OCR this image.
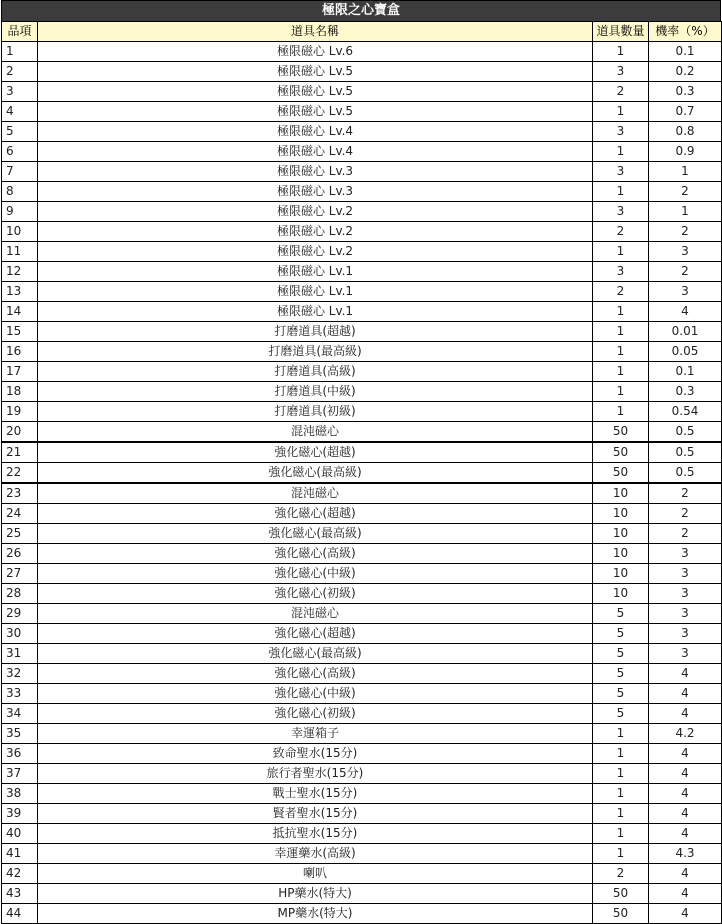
極限之心寶盒
品項	道具名稱	道具數量	機率（%）
1	極限磁心 Lv.6	1	0.1
2	極限磁心 Lv.5	3	0.2
3	極限磁心 Lv.5	2	0.3
4	極限磁心 Lv.5	1	0.7
5	極限磁心 Lv.4	3	0.8
6	極限磁心 Lv.4	1	0.9
7	極限磁心 Lv.3	3	1
8	極限磁心 Lv.3	1	2
9	極限磁心 Lv.2	3	1
10	極限磁心 Lv.2	2	2
11	極限磁心 Lv.2	1	3
12	極限磁心 Lv.1	3	2
13	極限磁心 Lv.1	2	3
14	極限磁心 Lv.1	1	4
15	打磨道具(超越)	1	0.01
16	打磨道具(最高級)	1	0.05
17	打磨道具(高級)	1	0.1
18	打磨道具(中級)	1	0.3
19	打磨道具(初級)	1	0.54
20	混沌磁心	50	0.5
21	強化磁心(超越)	50	0.5
22	強化磁心(最高級)	50	0.5
23	混沌磁心	10	2
24	強化磁心(超越)	10	2
25	強化磁心(最高級)	10	2
26	強化磁心(高級)	10	3
27	強化磁心(中級)	10	3
28	強化磁心(初級)	10	3
29	混沌磁心	5	3
30	強化磁心(超越)	5	3
31	強化磁心(最高級)	5	3
32	強化磁心(高級)	5	4
33	強化磁心(中級)	5	4
34	強化磁心(初級)	5	4
35	幸運箱子	1	4.2
36	致命聖水(15分)	1	4
37	旅行者聖水(15分)	1	4
38	戰士聖水(15分)	1	4
39	賢者聖水(15分)	1	4
40	抵抗聖水(15分)	1	4
41	幸運藥水(高級)	1	4.3
42	喇叭	2	4
43	HP藥水(特大)	50	4
44	MP藥水(特大)	50	4
